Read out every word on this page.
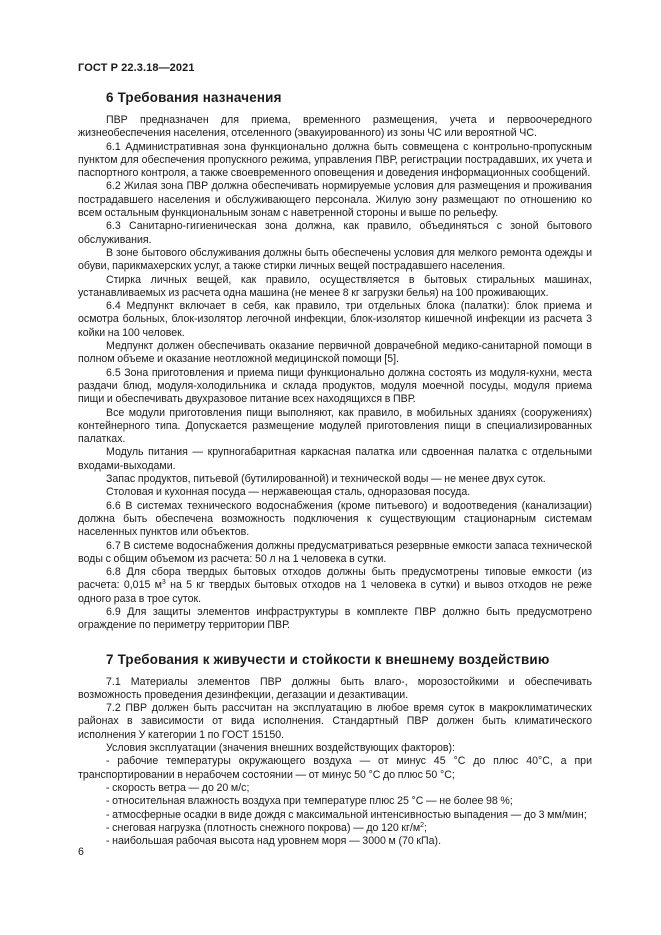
ГОСТ Р 22.3.18—2021
6 Требования назначения

ПВР предназначен для приема, временного размещения, учета и первоочередного жизнеобеспечения населения, отселенного (эвакуированного) из зоны ЧС или вероятной ЧС.

6.1 Административная зона функционально должна быть совмещена с контрольно-пропускным пунктом для обеспечения пропускного режима, управления ПВР, регистрации пострадавших, их учета и паспортного контроля, а также своевременного оповещения и доведения информационных сообщений.

6.2 Жилая зона ПВР должна обеспечивать нормируемые условия для размещения и проживания пострадавшего населения и обслуживающего персонала. Жилую зону размещают по отношению ко всем остальным функциональным зонам с наветренной стороны и выше по рельефу.

6.3 Санитарно-гигиеническая зона должна, как правило, объединяться с зоной бытового обслуживания.

В зоне бытового обслуживания должны быть обеспечены условия для мелкого ремонта одежды и обуви, парикмахерских услуг, а также стирки личных вещей пострадавшего населения.

Стирка личных вещей, как правило, осуществляется в бытовых стиральных машинах, устанавливаемых из расчета одна машина (не менее 8 кг загрузки белья) на 100 проживающих.

6.4 Медпункт включает в себя, как правило, три отдельных блока (палатки): блок приема и осмотра больных, блок-изолятор легочной инфекции, блок-изолятор кишечной инфекции из расчета 3 койки на 100 человек.

Медпункт должен обеспечивать оказание первичной доврачебной медико-санитарной помощи в полном объеме и оказание неотложной медицинской помощи [5].

6.5 Зона приготовления и приема пищи функционально должна состоять из модуля-кухни, места раздачи блюд, модуля-холодильника и склада продуктов, модуля моечной посуды, модуля приема пищи и обеспечивать двухразовое питание всех находящихся в ПВР.

Все модули приготовления пищи выполняют, как правило, в мобильных зданиях (сооружениях) контейнерного типа. Допускается размещение модулей приготовления пищи в специализированных палатках.

Модуль питания — крупногабаритная каркасная палатка или сдвоенная палатка с отдельными входами-выходами.

Запас продуктов, питьевой (бутилированной) и технической воды — не менее двух суток.

Столовая и кухонная посуда — нержавеющая сталь, одноразовая посуда.

6.6 В системах технического водоснабжения (кроме питьевого) и водоотведения (канализации) должна быть обеспечена возможность подключения к существующим стационарным системам населенных пунктов или объектов.

6.7 В системе водоснабжения должны предусматриваться резервные емкости запаса технической воды с общим объемом из расчета: 50 л на 1 человека в сутки.

6.8 Для сбора твердых бытовых отходов должны быть предусмотрены типовые емкости (из расчета: 0,015 $м^3$ на 5 кг твердых бытовых отходов на 1 человека в сутки) и вывоз отходов не реже одного раза в трое суток.

6.9 Для защиты элементов инфраструктуры в комплекте ПВР должно быть предусмотрено ограждение по периметру территории ПВР.

7 Требования к живучести и стойкости к внешнему воздействию

7.1 Материалы элементов ПВР должны быть влаго-, морозостойкими и обеспечивать возможность проведения дезинфекции, дегазации и дезактивации.

7.2 ПВР должен быть рассчитан на эксплуатацию в любое время суток в макроклиматических районах в зависимости от вида исполнения. Стандартный ПВР должен быть климатического исполнения У категории 1 по ГОСТ 15150.

Условия эксплуатации (значения внешних воздействующих факторов):

- рабочие температуры окружающего воздуха — от минус 45 °С до плюс 40°С, а при транспортировании в нерабочем состоянии — от минус 50 °С до плюс 50 °С;

- скорость ветра — до 20 м/с;

- относительная влажность воздуха при температуре плюс 25 °С — не более 98 %;

- атмосферные осадки в виде дождя с максимальной интенсивностью выпадения — до 3 мм/мин;

- снеговая нагрузка (плотность снежного покрова) — до 120 $кг/м^2$;

- наибольшая рабочая высота над уровнем моря — 3000 м (70 кПа).

6
